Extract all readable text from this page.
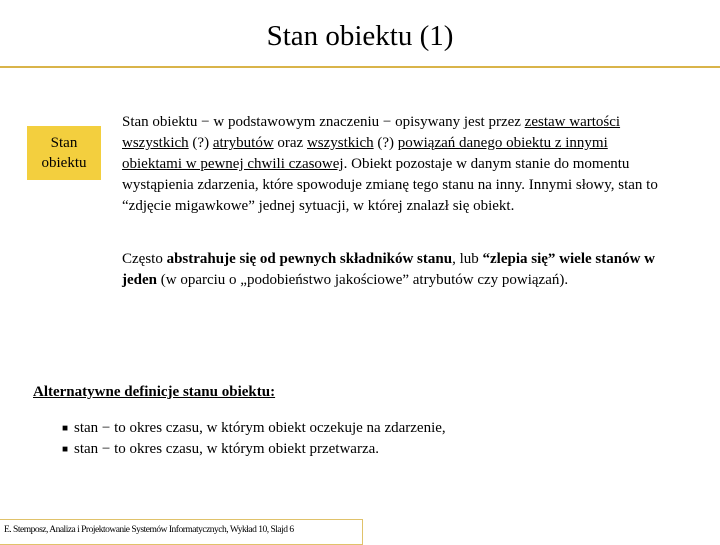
Stan obiektu (1)
Stan
obiektu

Stan obiektu − w podstawowym znaczeniu − opisywany jest przez zestaw wartości wszystkich (?) atrybutów oraz wszystkich (?) powiązań danego obiektu z innymi obiektami w pewnej chwili czasowej. Obiekt pozostaje w danym stanie do momentu wystąpienia zdarzenia, które spowoduje zmianę tego stanu na inny. Innymi słowy, stan to “zdjęcie migawkowe” jednej sytuacji, w której znalazł się obiekt.

Często abstrahuje się od pewnych składników stanu, lub “zlepia się” wiele stanów w jeden (w oparciu o „podobieństwo jakościowe” atrybutów czy powiązań).

Alternatywne definicje stanu obiektu:
■ stan − to okres czasu, w którym obiekt oczekuje na zdarzenie,
■ stan − to okres czasu, w którym obiekt przetwarza.
E. Stemposz, Analiza i Projektowanie Systemów Informatycznych, Wykład 10, Slajd 6
